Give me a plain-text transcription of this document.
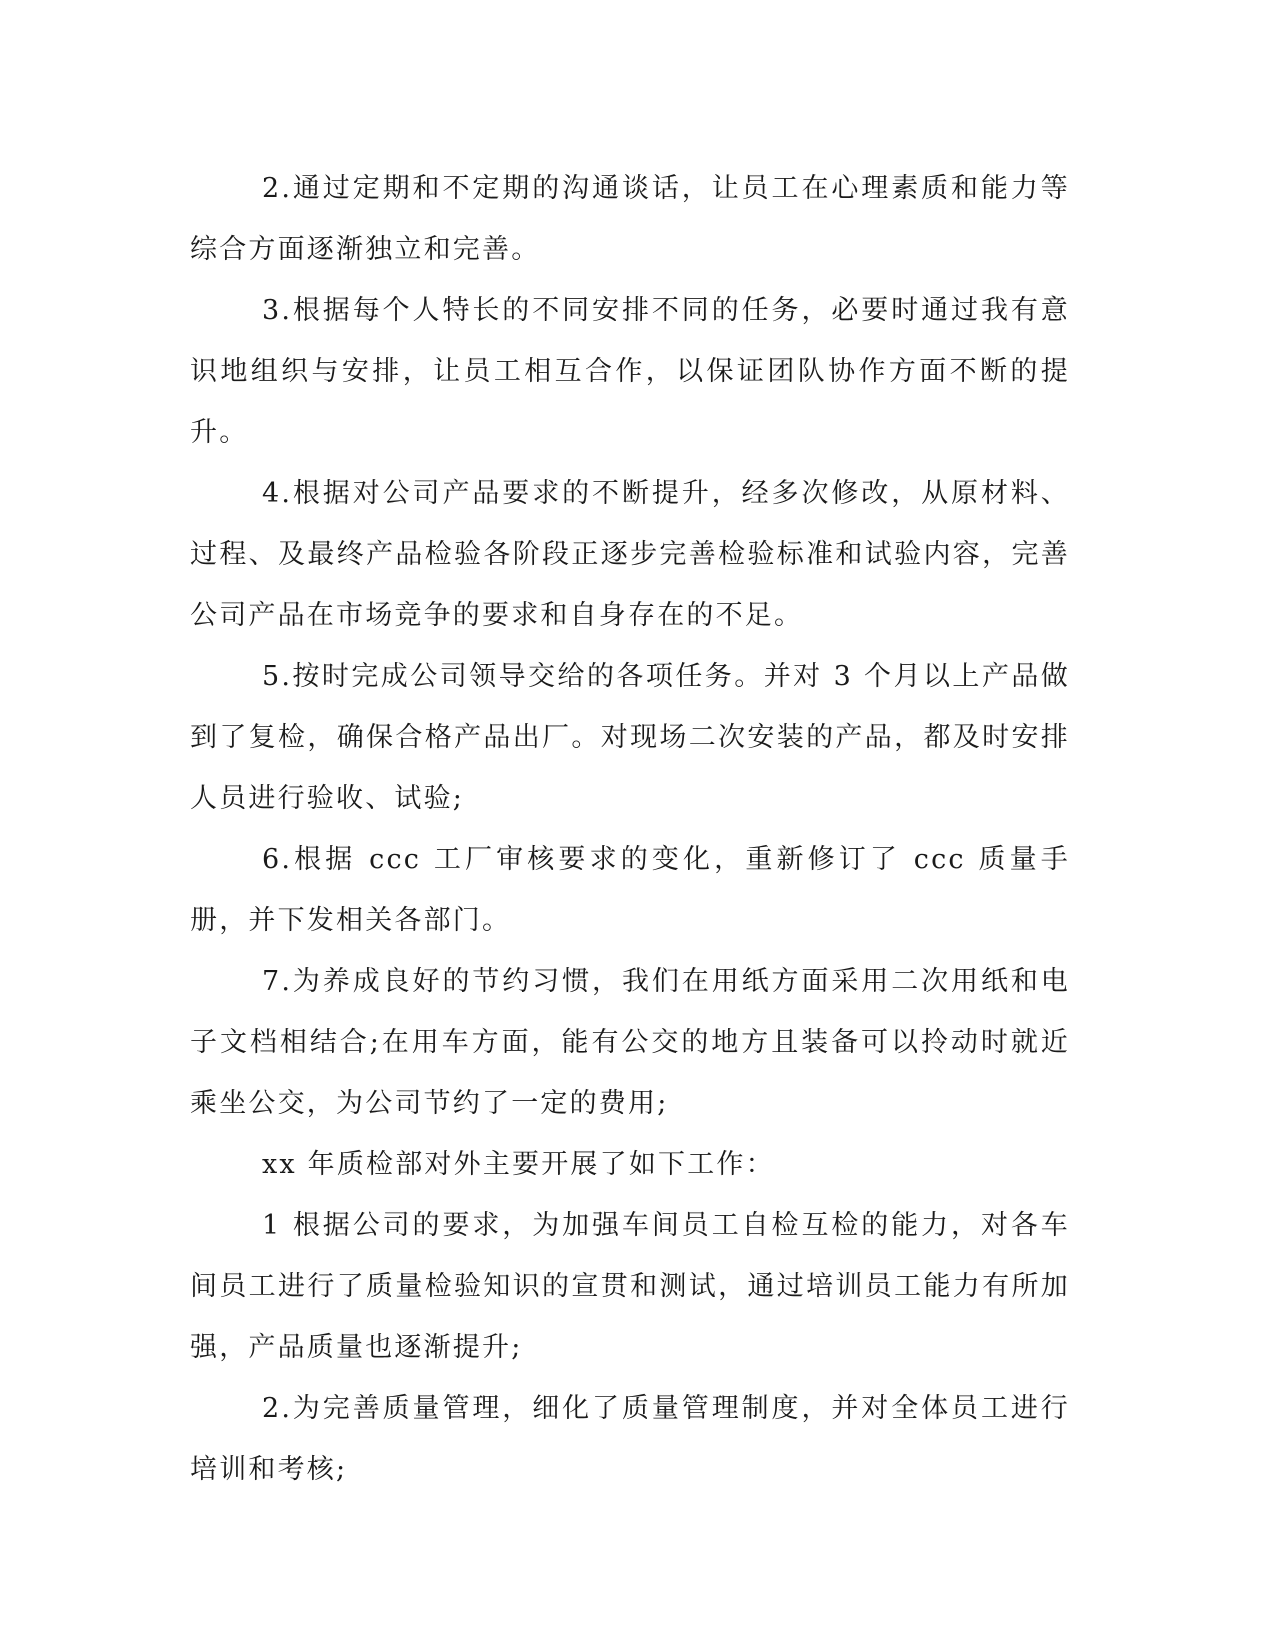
2.通过定期和不定期的沟通谈话，让员工在心理素质和能力等综合方面逐渐独立和完善。

3.根据每个人特长的不同安排不同的任务，必要时通过我有意识地组织与安排，让员工相互合作，以保证团队协作方面不断的提升。

4.根据对公司产品要求的不断提升，经多次修改，从原材料、过程、及最终产品检验各阶段正逐步完善检验标准和试验内容，完善公司产品在市场竞争的要求和自身存在的不足。

5.按时完成公司领导交给的各项任务。并对 3 个月以上产品做到了复检，确保合格产品出厂。对现场二次安装的产品，都及时安排人员进行验收、试验;

6.根据 ccc 工厂审核要求的变化，重新修订了 ccc 质量手册，并下发相关各部门。

7.为养成良好的节约习惯，我们在用纸方面采用二次用纸和电子文档相结合;在用车方面，能有公交的地方且装备可以拎动时就近乘坐公交，为公司节约了一定的费用;

xx 年质检部对外主要开展了如下工作：

1 根据公司的要求，为加强车间员工自检互检的能力，对各车间员工进行了质量检验知识的宣贯和测试，通过培训员工能力有所加强，产品质量也逐渐提升;

2.为完善质量管理，细化了质量管理制度，并对全体员工进行培训和考核;
